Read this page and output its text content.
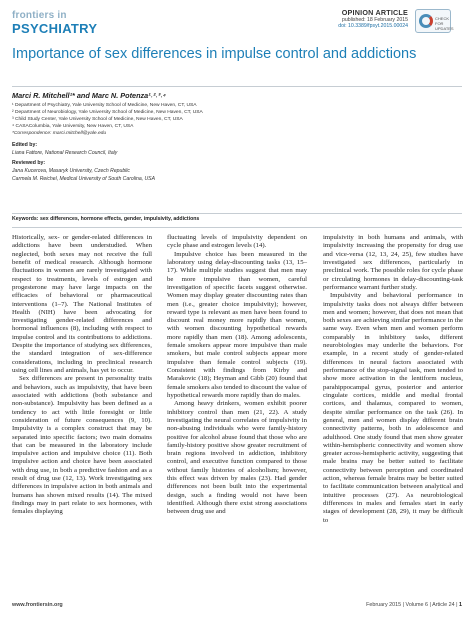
frontiers in
PSYCHIATRY
OPINION ARTICLE
published: 18 February 2015
doi: 10.3389/fpsyt.2015.00024
CHECK FOR
UPDATES
Importance of sex differences in impulse control and addictions
Marci R. Mitchell¹* and Marc N. Potenza¹˒²˒³˒⁴
¹ Department of Psychiatry, Yale University School of Medicine, New Haven, CT, USA
² Department of Neurobiology, Yale University School of Medicine, New Haven, CT, USA
³ Child Study Center, Yale University School of Medicine, New Haven, CT, USA
⁴ CASAColumbia, Yale University, New Haven, CT, USA
*Correspondence: marci.mitchell@yale.edu
Edited by:
Liana Fattore, National Research Council, Italy
Reviewed by:
Jana Kucerova, Masaryk University, Czech Republic
Carmela M. Reichel, Medical University of South Carolina, USA
Keywords: sex differences, hormone effects, gender, impulsivity, addictions

Historically, sex- or gender-related differences in addictions have been understudied. When neglected, both sexes may not receive the full benefit of medical research. Although hormone fluctuations in women are rarely investigated with respect to treatments, levels of estrogen and progesterone may have large impacts on the efficacies of behavioral or pharmaceutical interventions (1–7). The National Institutes of Health (NIH) have been advocating for investigating gender-related differences and hormonal influences (8), including with respect to impulse control and its contributions to addictions. Despite the importance of studying sex differences, the standard integration of sex-difference considerations, including in preclinical research using cell lines and animals, has yet to occur.

Sex differences are present in personality traits and behaviors, such as impulsivity, that have been associated with addictions (both substance and non-substance). Impulsivity has been defined as a tendency to act with little foresight or little consideration of future consequences (9, 10). Impulsivity is a complex construct that may be separated into specific factors; two main domains that can be measured in the laboratory include impulsive action and impulsive choice (11). Both impulsive action and choice have been associated with drug use, in both a predictive fashion and as a result of drug use (12, 13). Work investigating sex differences in impulsive action in both animals and humans has shown mixed results (14). The mixed findings may in part relate to sex hormones, with females displaying

fluctuating levels of impulsivity dependent on cycle phase and estrogen levels (14).

Impulsive choice has been measured in the laboratory using delay-discounting tasks (13, 15–17). While multiple studies suggest that men may be more impulsive than women, careful investigation of specific facets suggest otherwise. Women may display greater discounting rates than men (i.e., greater choice impulsivity); however, reward type is relevant as men have been found to discount real money more rapidly than women, with women discounting hypothetical rewards more rapidly than men (18). Among adolescents, female smokers appear more impulsive than male smokers, but male control subjects appear more impulsive than female control subjects (19). Consistent with findings from Kirby and Marakovic (18); Heyman and Gibb (20) found that female smokers also tended to discount the value of hypothetical rewards more rapidly than do males.

Among heavy drinkers, women exhibit poorer inhibitory control than men (21, 22). A study investigating the neural correlates of impulsivity in non-abusing individuals who were family-history positive for alcohol abuse found that those who are family-history positive show greater recruitment of brain regions involved in addiction, inhibitory control, and executive function compared to those without family histories of alcoholism; however, this effect was driven by males (23). Had gender differences not been built into the experimental design, such a finding would not have been identified. Although there exist strong associations between drug use and

impulsivity in both humans and animals, with impulsivity increasing the propensity for drug use and vice-versa (12, 13, 24, 25), few studies have investigated sex differences, particularly in preclinical work. The possible roles for cycle phase or circulating hormones in delay-discounting-task performance warrant further study.

Impulsivity and behavioral performance in impulsivity tasks does not always differ between men and women; however, that does not mean that both sexes are achieving similar performance in the same way. Even when men and women perform comparably in inhibitory tasks, different neurobiologies may underlie the behaviors. For example, in a recent study of gender-related differences in neural factors associated with performance of the stop-signal task, men tended to show more activation in the lentiform nucleus, parahippocampal gyrus, posterior and anterior cingulate cortices, middle and medial frontal cortices, and thalamus, compared to women, despite similar performance on the task (26). In general, men and women display different brain connectivity patterns, both in adolescence and adulthood. One study found that men show greater within-hemispheric connectivity and women show greater across-hemispheric activity, suggesting that male brains may be better suited to facilitate connectivity between perception and coordinated action, whereas female brains may be better suited to facilitate communication between analytical and intuitive processes (27). As neurobiological differences in males and females start in early stages of development (28, 29), it may be difficult to

www.frontiersin.org	February 2015 | Volume 6 | Article 24 | 1
